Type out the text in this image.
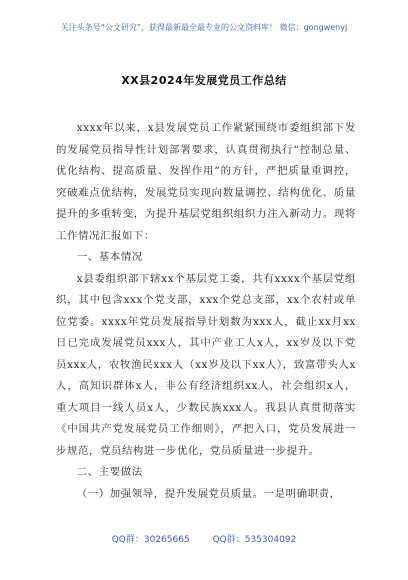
关注头条号“公文研究”，获得最新最全最专业的公文资料库！ 微信：gongwenyj
XX县2024年发展党员工作总结

xxxx年以来，x县发展党员工作紧紧围绕市委组织部下发的发展党员指导性计划部署要求，认真贯彻执行“控制总量、优化结构、提高质量、发挥作用”的方针，严把质量重调控，突破难点优结构，发展党员实现向数量调控、结构优化、质量提升的多重转变，为提升基层党组织组织力注入新动力。现将工作情况汇报如下：

一、基本情况

x县委组织部下辖xx个基层党工委，共有xxxx个基层党组织，其中包含xxx个党支部，xxx个党总支部，xx个农村或单位党委。xxxx年党员发展指导计划数为xxx人，截止xx月xx日已完成发展党员xxx人，其中产业工人x人，xx岁及以下党员xxx人，农牧渔民xxx人（xx岁及以下xx人），致富带头人x人，高知识群体x人，非公有经济组织xx人，社会组织x人，重大项目一线人员x人，少数民族xxx人。我县认真贯彻落实《中国共产党发展党员工作细则》，严把入口，党员发展进一步规范，党员结构进一步优化，党员质量进一步提升。

二、主要做法

（一）加强领导，提升发展党员质量。一是明确职责，

QQ群：30265665	QQ群：535304092
